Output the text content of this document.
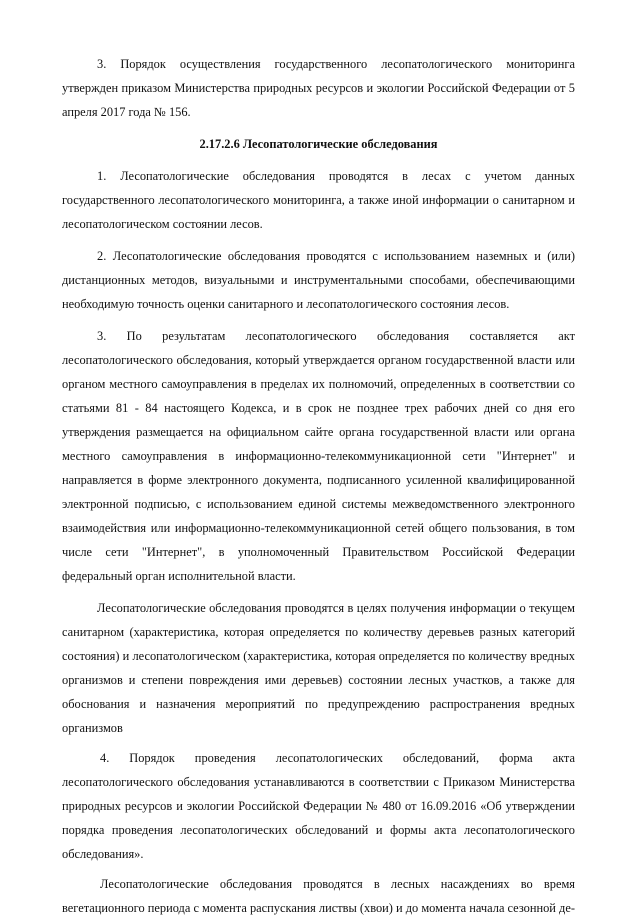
3. Порядок осуществления государственного лесопатологического мониторинга утвержден приказом Министерства природных ресурсов и экологии Российской Федерации от 5 апреля 2017 года № 156.

2.17.2.6 Лесопатологические обследования

1. Лесопатологические обследования проводятся в лесах с учетом данных государственного лесопатологического мониторинга, а также иной информации о санитарном и лесопатологическом состоянии лесов.

2. Лесопатологические обследования проводятся с использованием наземных и (или) дистанционных методов, визуальными и инструментальными способами, обеспечивающими необходимую точность оценки санитарного и лесопатологического состояния лесов.

3. По результатам лесопатологического обследования составляется акт лесопатологического обследования, который утверждается органом государственной власти или органом местного самоуправления в пределах их полномочий, определенных в соответствии со статьями 81 - 84 настоящего Кодекса, и в срок не позднее трех рабочих дней со дня его утверждения размещается на официальном сайте органа государственной власти или органа местного самоуправления в информационно-телекоммуникационной сети "Интернет" и направляется в форме электронного документа, подписанного усиленной квалифицированной электронной подписью, с использованием единой системы межведомственного электронного взаимодействия или информационно-телекоммуникационной сетей общего пользования, в том числе сети "Интернет", в уполномоченный Правительством Российской Федерации федеральный орган исполнительной власти.

Лесопатологические обследования проводятся в целях получения информации о текущем санитарном (характеристика, которая определяется по количеству деревьев разных категорий состояния) и лесопатологическом (характеристика, которая определяется по количеству вредных организмов и степени повреждения ими деревьев) состоянии лесных участков, а также для обоснования и назначения мероприятий по предупреждению распространения вредных организмов

4. Порядок проведения лесопатологических обследований, форма акта лесопатологического обследования устанавливаются в соответствии с Приказом Министерства природных ресурсов и экологии Российской Федерации № 480 от 16.09.2016 «Об утверждении порядка проведения лесопатологических обследований и формы акта лесопатологического обследования».

Лесопатологические обследования проводятся в лесных насаждениях во время вегетационного периода с момента распускания листвы (хвои) и до момента начала сезонной де-
